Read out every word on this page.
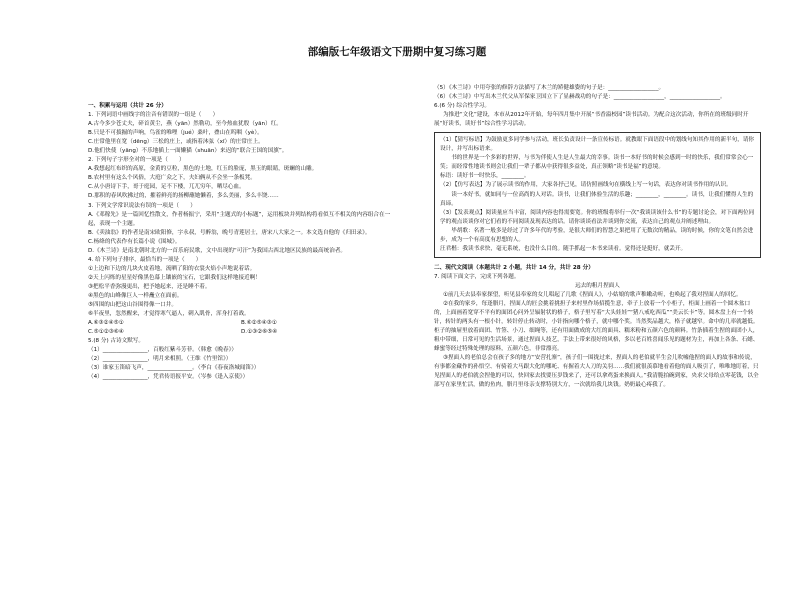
部编版七年级语文下册期中复习练习题

一、积累与运用（共计 26 分）

1. 下列词语中画线字的注音有错误的一组是（　　）

A.古今多少苍丈夫，碎首黄尘，燕（yān）然勒功，至今热血犹殷（yān）红。

B.只是不可拔掘的声响，鸟雀的唯哩（jué）桑叶，叠山在呜咽（yè）。

C.庄常他里在宽（dēng）三松的庄上，或指着沐弦（xī）的庄常庄上。

D.他们快使（yāng）不乐地插上一面懒猫（shuān）来迟的“联合王国的国旗”。

2. 下列句子字形全对的一项是（　　）

A.我想起红布织的高原，金黄的豆粒，黑色的土地，红玉的脸庞，黑玉的眼睛，斑斓的山雕。

B.农村里有这么个风俗，大庭广众之下，夫妇俩从不会坐一条板凳。

C.从小唐诗下手，哥于庭园，足不下楼，兀兀穷年，晒尽心血。

D.那积的春风吹拂过的，摧着鲜亮的扬柳蘸她懒着，多么美丽，多么丰饶……

3. 下列文学常识说法有误的一项是（　　）

A.《邓稼先》是一篇回忆性散文，作者杨振宁，采用“主题式的小标题”，运用板块并列结构将看似互不相关的内容组合在一起，表现一个主题。

B.《卖油翁》的作者是南宋欧阳修，字永叔，号醉翁，晚号青莲居士，唐宋八大家之一。本文选自他的《归田录》。

C.杨绛的代表作有长篇小说《围城》。

D.《木兰诗》是南北朝时北方的一首乐府民歌，文中出现的“可汗”为我国古西北地区民族的最高统治者。

4. 给下列句子排序，最恰当的一项是（　　）

①上边和下边的几块火皮着地，流晒了阳的衣裳火焰小声地说着话。

②天上闪烁的星星好像黑色幕上镶嵌的宝石，它跟我们这样地接近啊！

③把松平香弥漫更出，把予她起来，还是睡不着。

④黑色的山峰像巨人一样矗立在面前。

⑤四围的山把这山谷围得像一口井。

⑥半夜里，忽然醒来，才觉得寒气逼人，刺入肌骨，浑身打着战。

A.⑥③②④⑤①	B.⑥②⑤④③①
C.⑤①②③⑥④	D.①③②⑥⑤④

5.(8 分) 古诗文默写。

（1）________________，百般红紫斗芳菲。（韩愈《晚春》）

（2）________________，明月来相照。（王维《竹里馆》）

（3）谁家玉笛暗飞声，________________。（李白《春夜洛城闻笛》）

（4）________________，凭君传语报平安。（岑参《逢入京使》）

（5）《木兰诗》中用夸张的修辞方法描写了木兰的矫健雄姿的句子是：__________________。

（6）《木兰诗》中写出木兰代父从军保家卫国立下了显赫战功的句子是：__________________，__________________。

6.(6 分) 综合性学习。

为推进“文化”建设，本市从2012年开始，每年四月集中开展“书香溢校园”读书活动。为配合这次活动，你所在的班级同时开展“好读书，读好书”综合性学习活动。

（1）【猜写标语】为鼓励更多同学参与活动，班长负责设计一条宣传标语。就教眼下面语段中的划线句知其作用的新半句，请你设计，并写出标语来。

　　书的世界是一个多彩的世界，与书为伴使人生是人生最大的幸事。读书一本好书的时候会感到一时的快乐，我们常常会心一笑；而经常性地读书则会让我们一辈子都从中获得很多益处，真正领略“读书是福”的意境。

标语：读好书一时快乐，________。

（2）【仿写表达】为了展示读书的作用，大家各抒己见，请仿照画线句在横线上写一句话，表达你对读书作用的认识。

　　读一本好书，就如同与一位高尚的人对话。读书，让我们体验生活的乐趣；________，________。读书，让我们懂得人生的真谛。

（3）【发表观点】阅读量应当丰富，阅读内容也得需要宽。你的班级将举行一次“我谈读该什么书”的专题讨论会，对下面两位同学的观点谈谈你对它们看的不同阅读及现表达的话。请你谈谈看法并谈到你交流，表达自己的观点并阐述理由。

　　毕胡歌：名著一般多是经过了许多年代的考验，是很大师们的智慧之果把用了无数次的精品，读的时候，你的文笔自然会进步，成为一个有高度有思想的人。

汪君楷：我读书求快，毫无系统，也没什么目的。随手抓起一本书来读看。觉得还是挺好，就丢开。

二、现代文阅读（本题共计 2 小题，共计 14 分，共计 28 分）

7. 阅读下面文字，完成下列各题。

远去的粗月捏面人

①前几天去县奉家探望，听见县奉家的女儿唱起了几歌《捏面人》，小姑娘的歌声稚嫩动听，也唤起了我对捏面人的回忆。

②在我的家乡，每逢腊月，捏面人的匠会挑着挑担子来村里作场招揽生意，牵子上放着一个小柜子，柜面上画着一个圆木盆口的，上面画着宽穿不平有的面团心问外呈辐射状的格子，格子里写着“大头娃娃”“猪八戒吃西瓜”“美云长卡”等。圆木盘上有一个转针，转针的两头有一根小针，转针停止转动时，小针指向哪个格子，就中哪个奖。当然奖品越大，格子就越窄。命中的几率就越低。柜子的抽屉里放着面团、竹签、小刀、细绳等，还有用面做成的大红的面具、糯米粉和五颜六色的颜料。竹条插着生捏的面团小人，粗中带细，日常可见的生活场景，通过捏面人技艺，手法上带来很好的风格，多以老百姓喜闻乐见的题材为主，再加上各条、石蜡、蜂蜜等经过特殊处理的原料，五颜六色，非常漂亮。

③捏面人的老伯总会在孩子多的地方“安营扎寨”，孩子们一围拢过来，捏面人的老伯就半生会儿吹嘘他捏的面人的故事和传说，有事都金藏作的孙悟空、有骑着大马跟大化的哪吒、有握着大人刀的关羽……我们就很羡慕地看着他的面人吸引了，唯唯地盯着，只见捏面人的老伯就会捏他的可以，快回家去找要压岁钱来了，还可以拿鸡蛋来换面人。”我清脆拍碗到家，央求父母给点零花钱，以全部写在家里忙活，做的鱼肉，腊月里母亲支撑特别大方，一次就给我几块钱。奶奶最心疼我了。
